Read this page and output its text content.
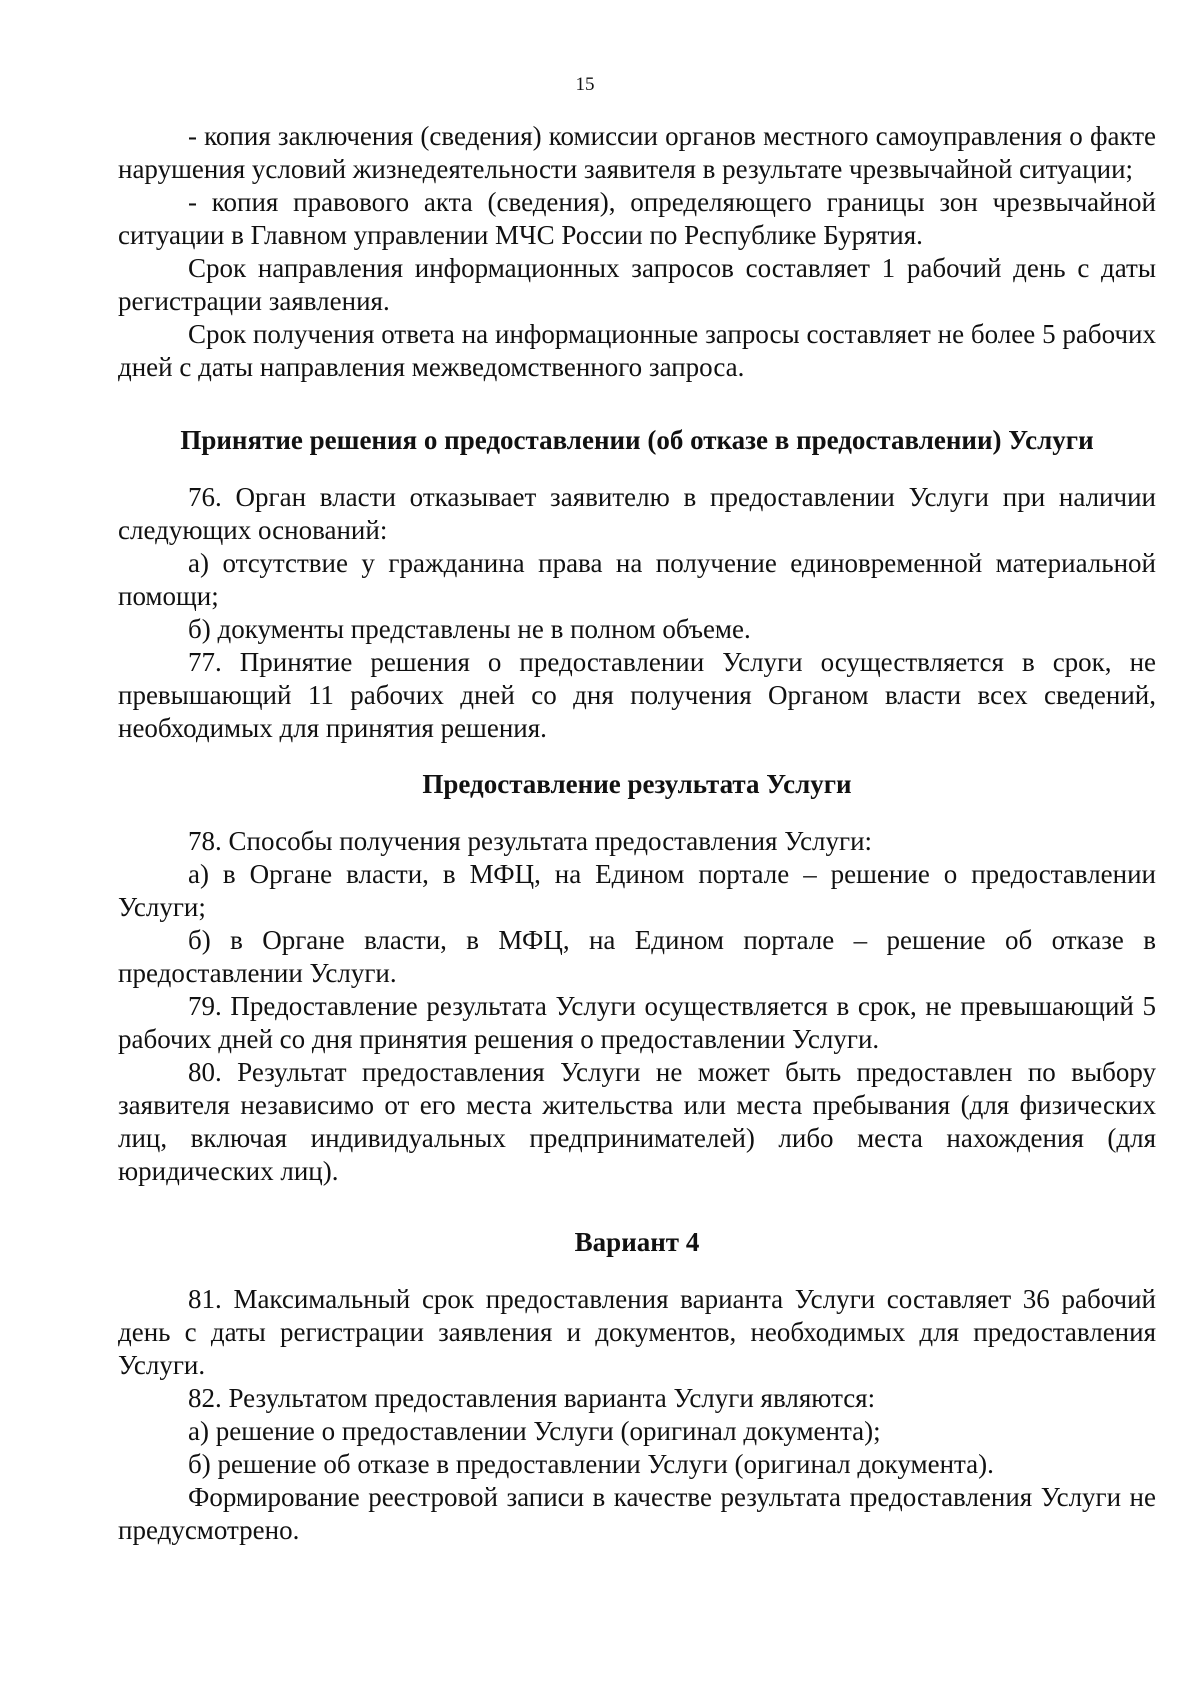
15

- копия заключения (сведения) комиссии органов местного самоуправления о факте нарушения условий жизнедеятельности заявителя в результате чрезвычайной ситуации;

- копия правового акта (сведения), определяющего границы зон чрезвычайной ситуации в Главном управлении МЧС России по Республике Бурятия.

Срок направления информационных запросов составляет 1 рабочий день с даты регистрации заявления.

Срок получения ответа на информационные запросы составляет не более 5 рабочих дней с даты направления межведомственного запроса.

Принятие решения о предоставлении (об отказе в предоставлении) Услуги

76. Орган власти отказывает заявителю в предоставлении Услуги при наличии следующих оснований:

а) отсутствие у гражданина права на получение единовременной материальной помощи;

б) документы представлены не в полном объеме.

77. Принятие решения о предоставлении Услуги осуществляется в срок, не превышающий 11 рабочих дней со дня получения Органом власти всех сведений, необходимых для принятия решения.

Предоставление результата Услуги

78. Способы получения результата предоставления Услуги:

а) в Органе власти, в МФЦ, на Едином портале – решение о предоставлении Услуги;

б) в Органе власти, в МФЦ, на Едином портале – решение об отказе в предоставлении Услуги.

79. Предоставление результата Услуги осуществляется в срок, не превышающий 5 рабочих дней со дня принятия решения о предоставлении Услуги.

80. Результат предоставления Услуги не может быть предоставлен по выбору заявителя независимо от его места жительства или места пребывания (для физических лиц, включая индивидуальных предпринимателей) либо места нахождения (для юридических лиц).

Вариант 4

81. Максимальный срок предоставления варианта Услуги составляет 36 рабочий день с даты регистрации заявления и документов, необходимых для предоставления Услуги.

82. Результатом предоставления варианта Услуги являются:

а) решение о предоставлении Услуги (оригинал документа);

б) решение об отказе в предоставлении Услуги (оригинал документа).

Формирование реестровой записи в качестве результата предоставления Услуги не предусмотрено.
